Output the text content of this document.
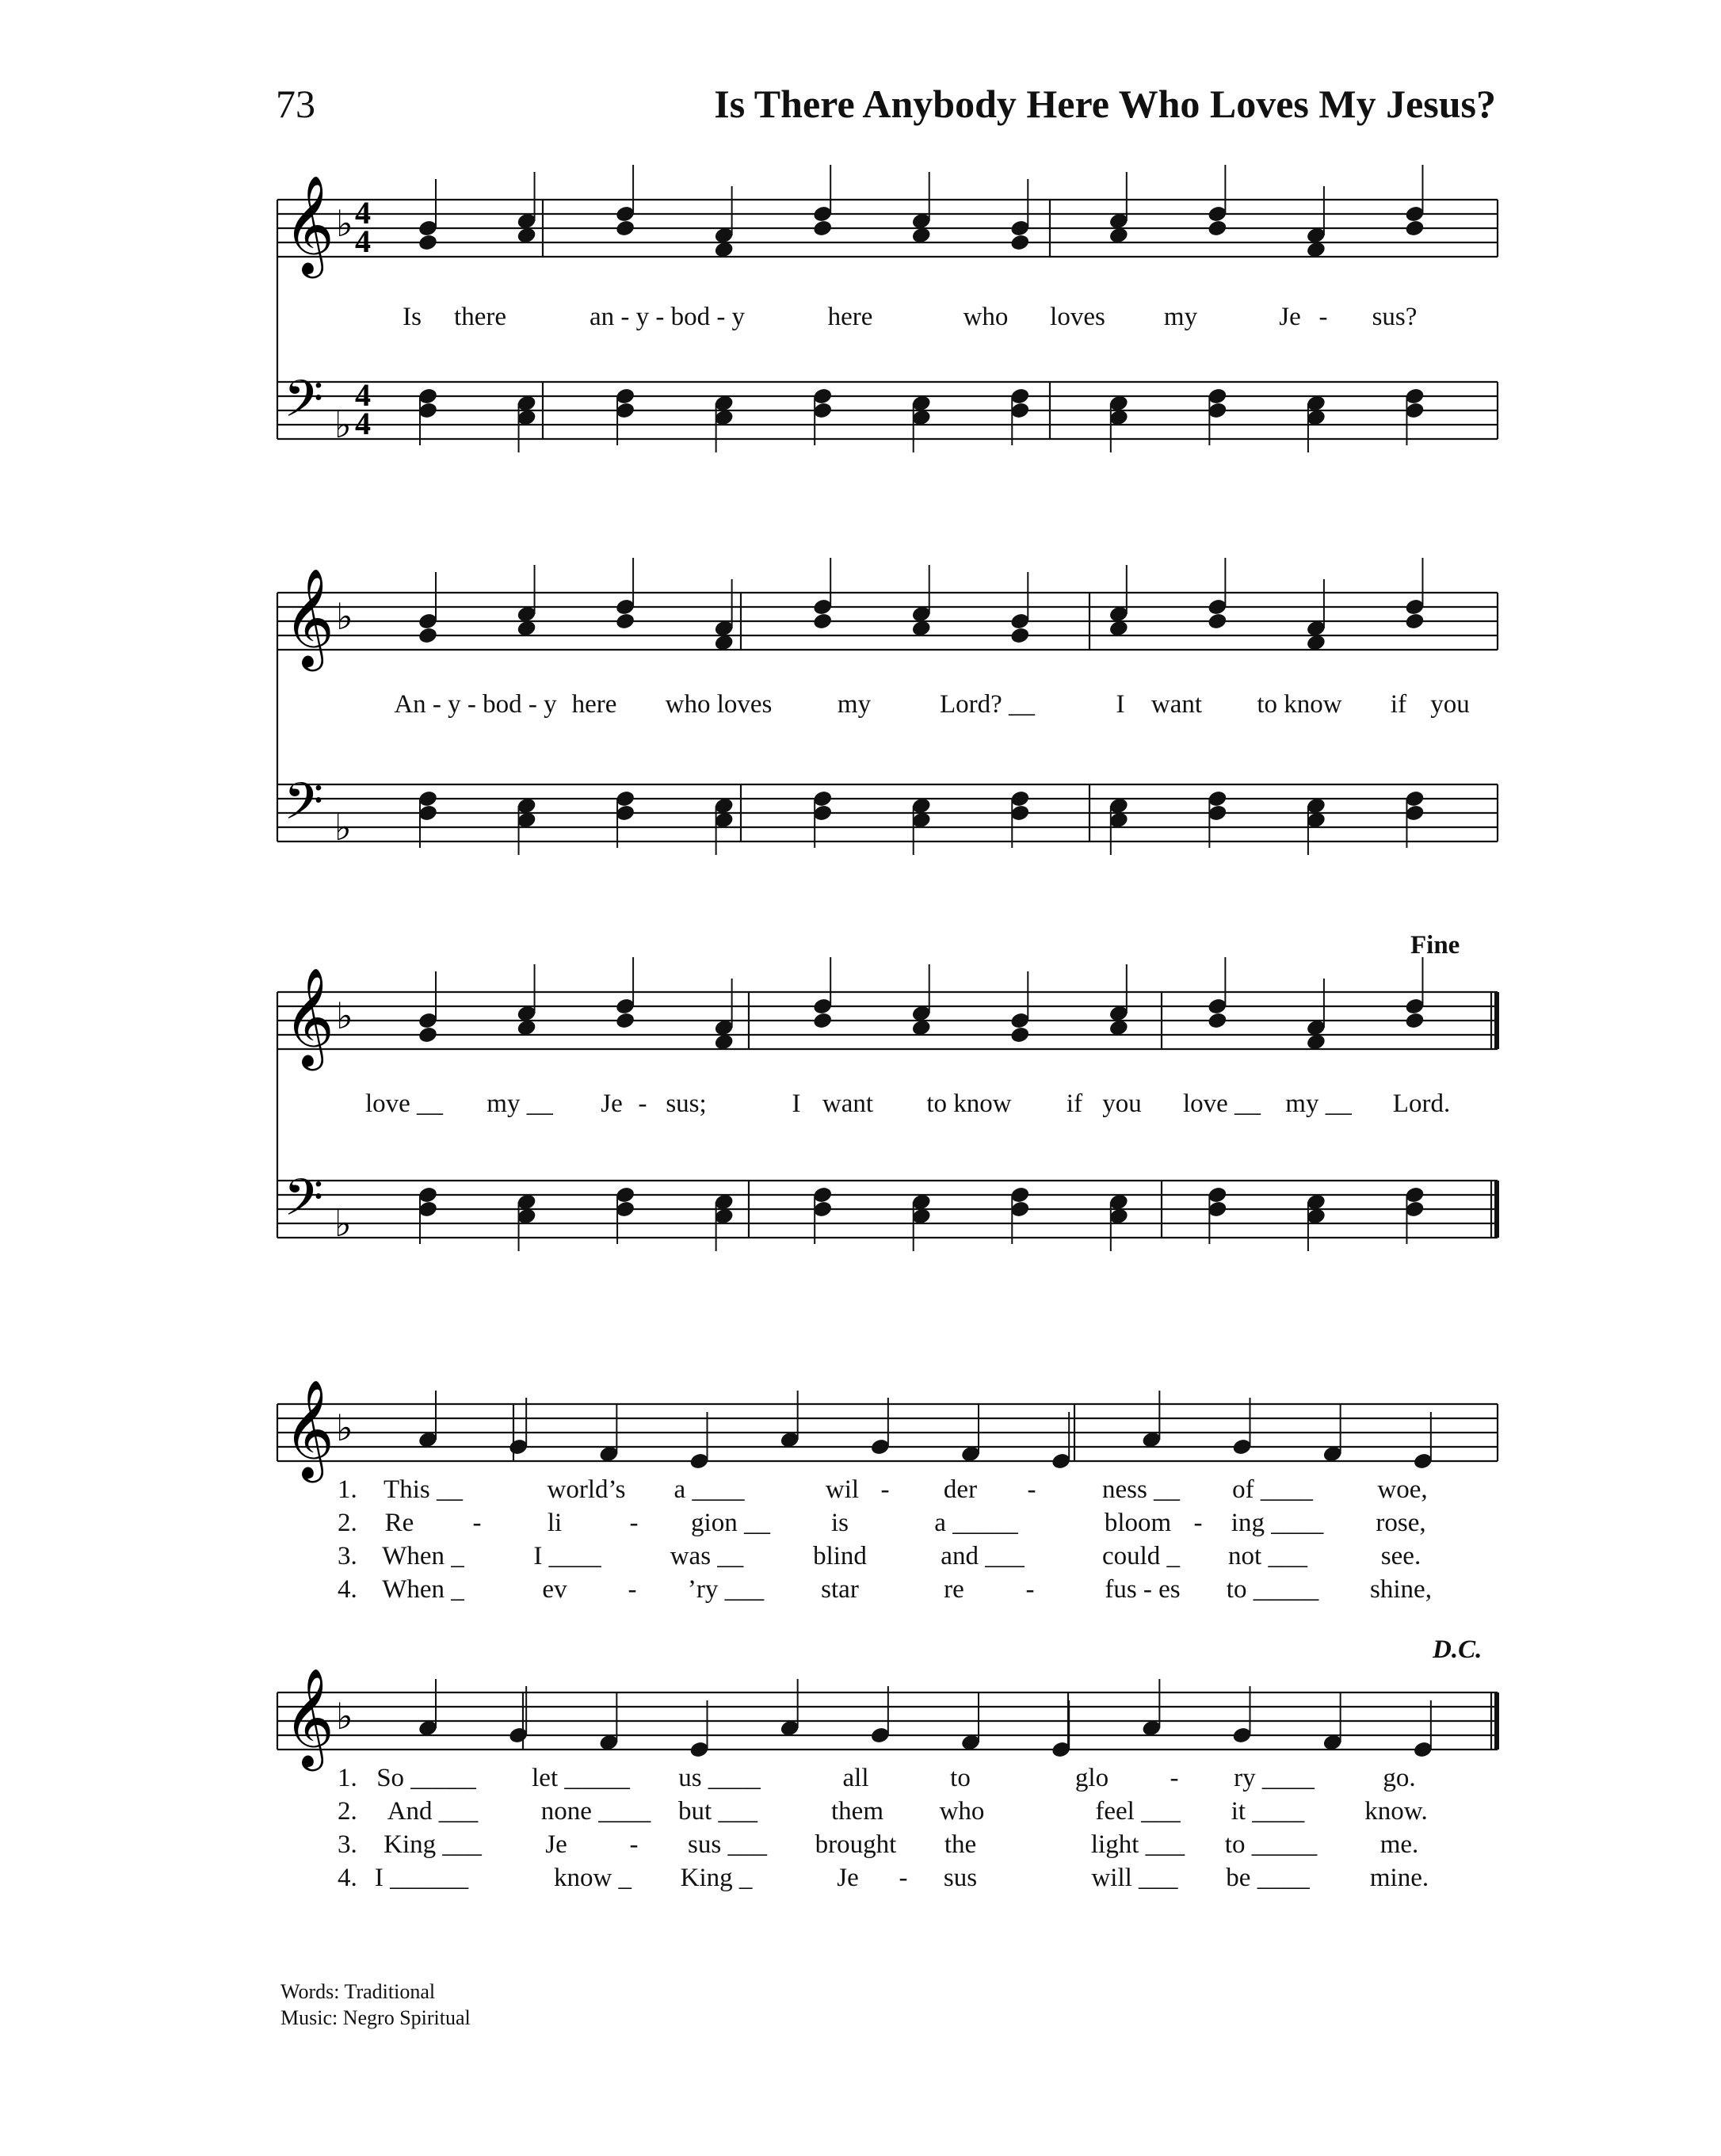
73	Is There Anybody Here Who Loves My Jesus?
𝄞
𝄢
♭
♭
4
4
4
4
𝄞
𝄢
♭
♭
𝄞
𝄢
♭
♭
𝄞 ♭
𝄞 ♭
Is there	an - y - bod - y	here	who loves my	Je - sus?
An - y - bod - y here who loves	my	Lord? __	I want to know if you
love __ my __ Je - sus;	I want to know if you love __ my __ Lord.
Fine
D.C.
1. This __	world’s a ____	wil - der -	ness __ of ____ woe,
2. Re -	li	- gion __ is	a _____	bloom - ing ____ rose,
3. When _	I ____	was __	blind	and ___	could _ not ___	see.
4. When _	ev - ’ry ___ star	re -	fus - es to _____ shine,
1. So _____ let _____ us ____	all	to	glo - ry ____	go.
2. And ___ none ____ but ___	them who	feel ___ it ____ know.
3. King ___ Je - sus ___ brought the	light ___ to _____ me.
4. I ______	know _ King _	Je - sus	will ___ be ____ mine.
Words: Traditional
Music: Negro Spiritual
